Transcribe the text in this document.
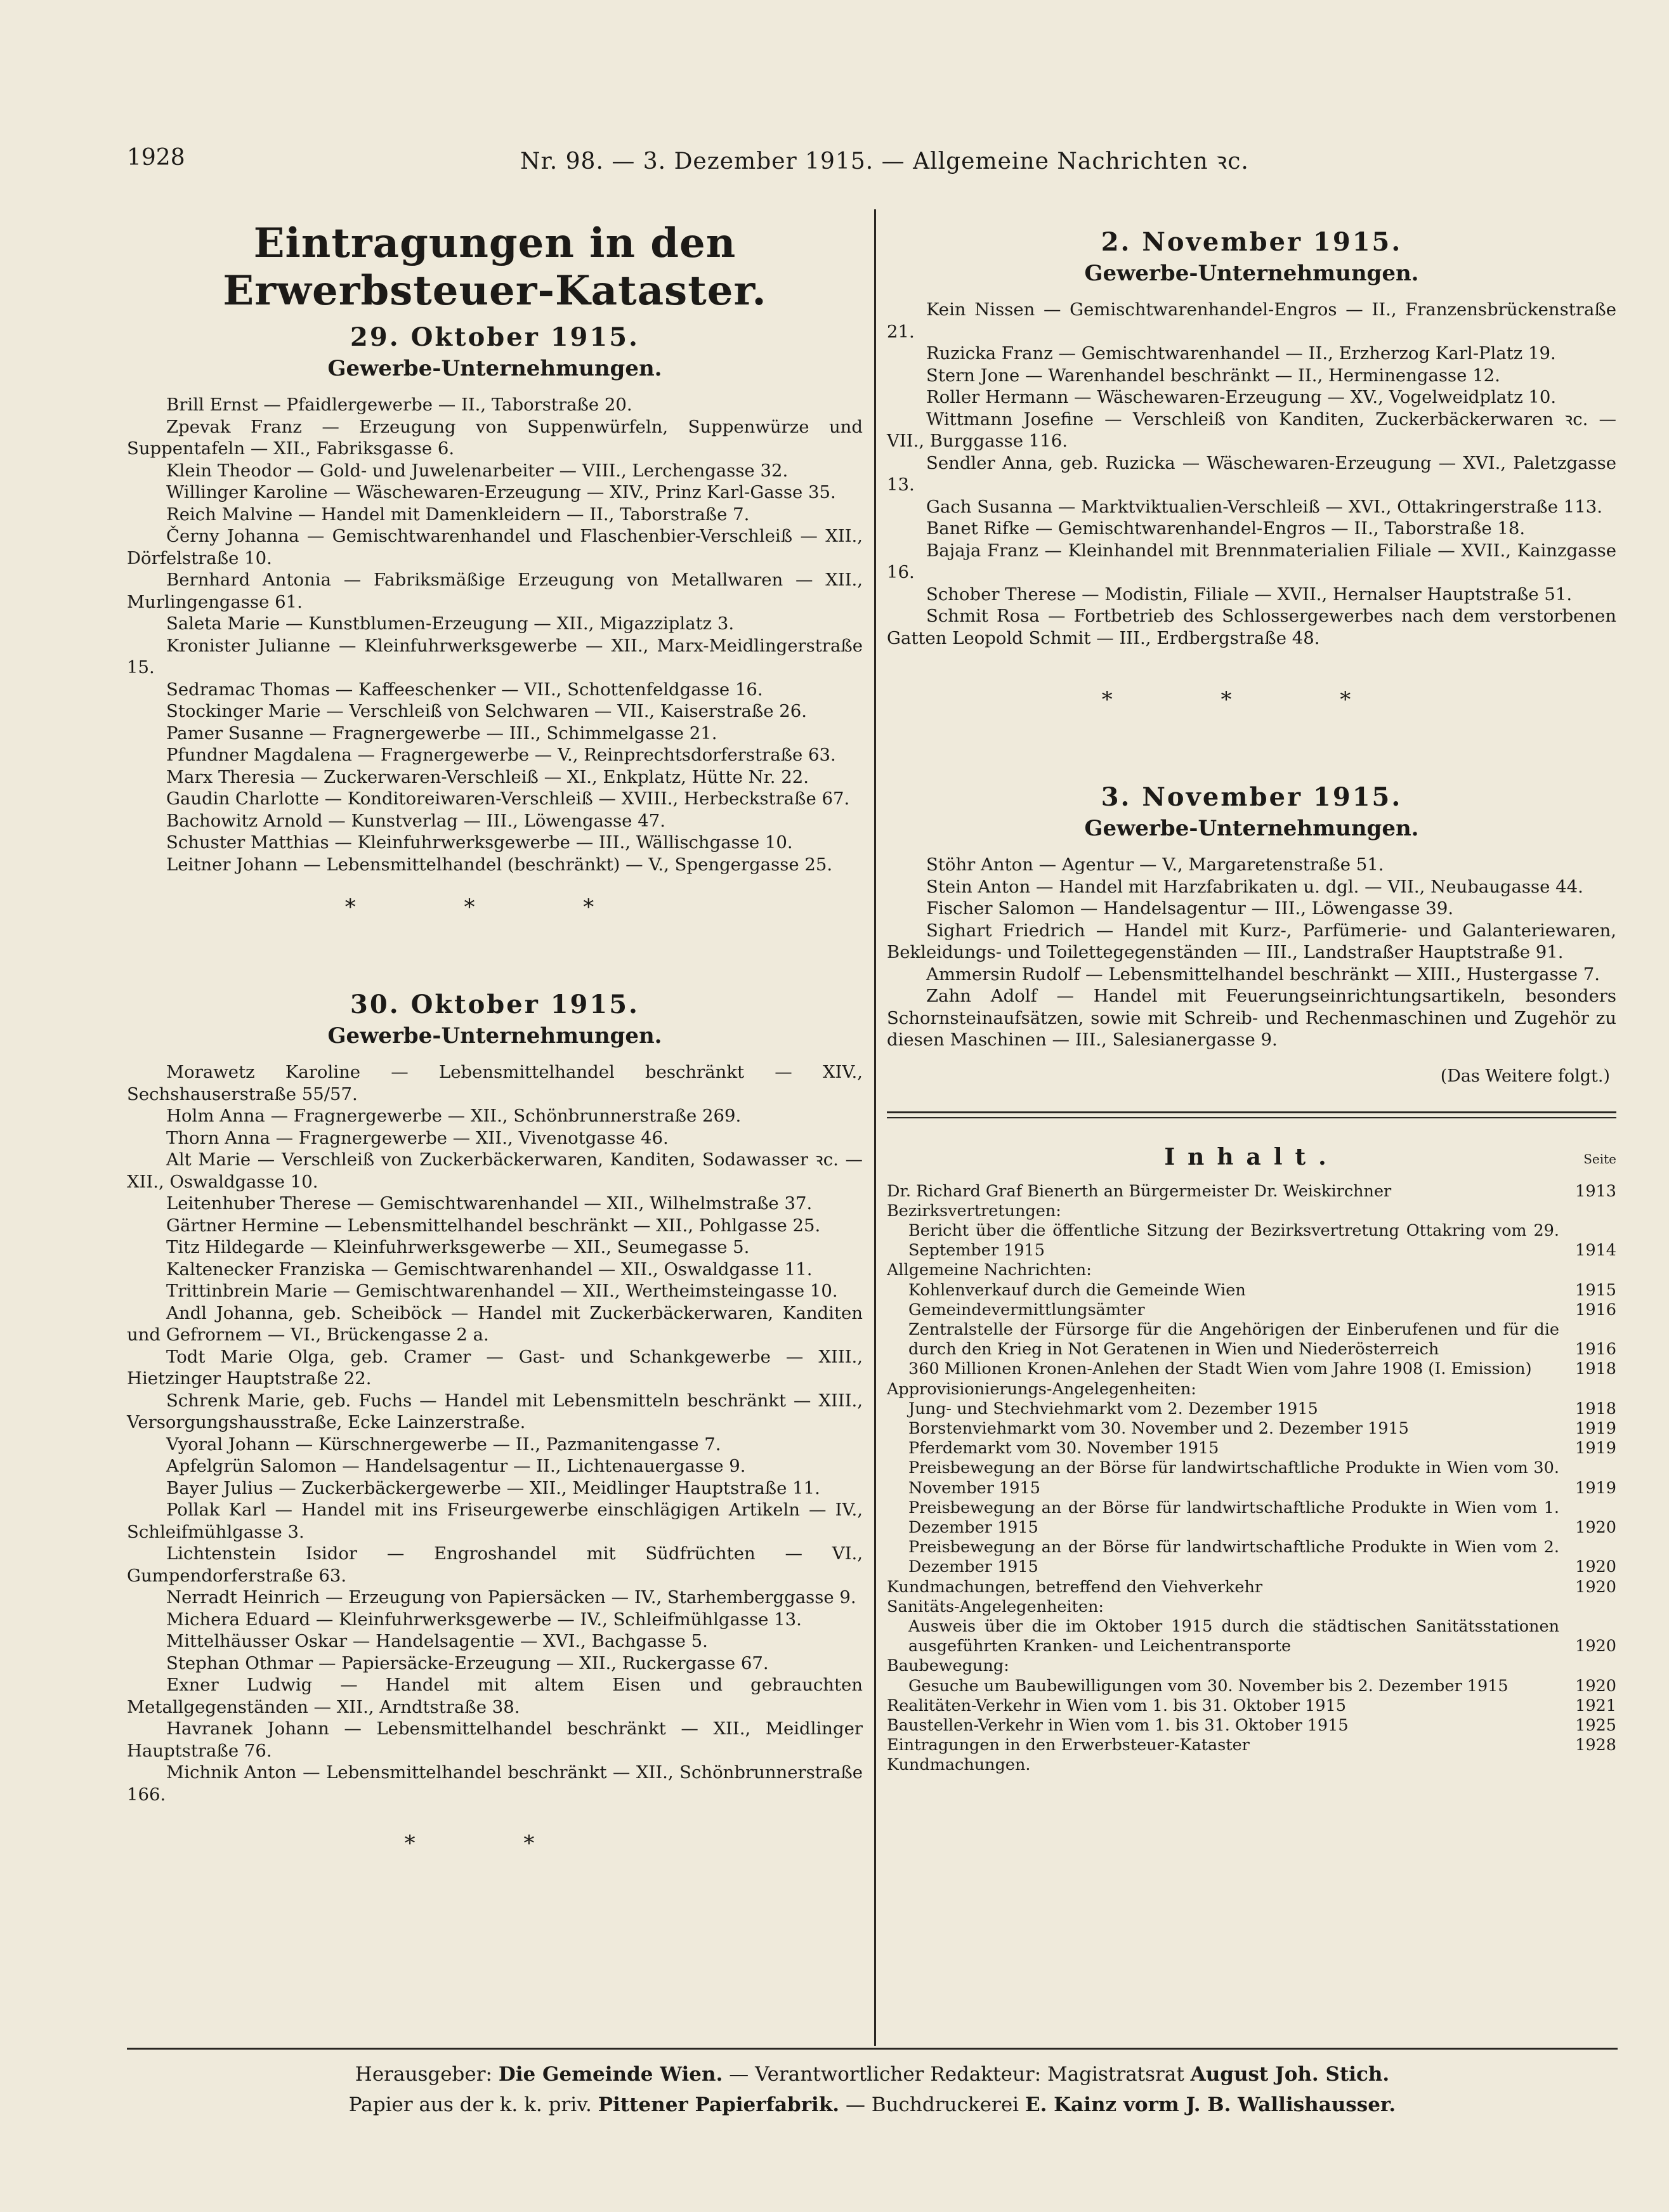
1928	Nr. 98. — 3. Dezember 1915. — Allgemeine Nachrichten ꝛc.
Eintragungen in den Erwerbsteuer-Kataster.
29. Oktober 1915.
Gewerbe-Unternehmungen.
Brill Ernst — Pfaidlergewerbe — II., Taborstraße 20.
Zpevak Franz — Erzeugung von Suppenwürfeln, Suppenwürze und Suppentafeln — XII., Fabriksgasse 6.
Klein Theodor — Gold- und Juwelenarbeiter — VIII., Lerchengasse 32.
Willinger Karoline — Wäschewaren-Erzeugung — XIV., Prinz Karl-Gasse 35.
Reich Malvine — Handel mit Damenkleidern — II., Taborstraße 7.
Černy Johanna — Gemischtwarenhandel und Flaschenbier-Verschleiß — XII., Dörfelstraße 10.
Bernhard Antonia — Fabriksmäßige Erzeugung von Metallwaren — XII., Murlingengasse 61.
Saleta Marie — Kunstblumen-Erzeugung — XII., Migazziplatz 3.
Kronister Julianne — Kleinfuhrwerksgewerbe — XII., Marx-Meidlingerstraße 15.
Sedramac Thomas — Kaffeeschenker — VII., Schottenfeldgasse 16.
Stockinger Marie — Verschleiß von Selchwaren — VII., Kaiserstraße 26.
Pamer Susanne — Fragnergewerbe — III., Schimmelgasse 21.
Pfundner Magdalena — Fragnergewerbe — V., Reinprechtsdorferstraße 63.
Marx Theresia — Zuckerwaren-Verschleiß — XI., Enkplatz, Hütte Nr. 22.
Gaudin Charlotte — Konditoreiwaren-Verschleiß — XVIII., Herbeckstraße 67.
Bachowitz Arnold — Kunstverlag — III., Löwengasse 47.
Schuster Matthias — Kleinfuhrwerksgewerbe — III., Wällischgasse 10.
Leitner Johann — Lebensmittelhandel (beschränkt) — V., Spengergasse 25.
* * *
30. Oktober 1915.
Gewerbe-Unternehmungen.
Morawetz Karoline — Lebensmittelhandel beschränkt — XIV., Sechshauserstraße 55/57.
Holm Anna — Fragnergewerbe — XII., Schönbrunnerstraße 269.
Thorn Anna — Fragnergewerbe — XII., Vivenotgasse 46.
Alt Marie — Verschleiß von Zuckerbäckerwaren, Kanditen, Sodawasser ꝛc. — XII., Oswaldgasse 10.
Leitenhuber Therese — Gemischtwarenhandel — XII., Wilhelmstraße 37.
Gärtner Hermine — Lebensmittelhandel beschränkt — XII., Pohlgasse 25.
Titz Hildegarde — Kleinfuhrwerksgewerbe — XII., Seumegasse 5.
Kaltenecker Franziska — Gemischtwarenhandel — XII., Oswaldgasse 11.
Trittinbrein Marie — Gemischtwarenhandel — XII., Wertheimsteingasse 10.
Andl Johanna, geb. Scheiböck — Handel mit Zuckerbäckerwaren, Kanditen und Gefrornem — VI., Brückengasse 2 a.
Todt Marie Olga, geb. Cramer — Gast- und Schankgewerbe — XIII., Hietzinger Hauptstraße 22.
Schrenk Marie, geb. Fuchs — Handel mit Lebensmitteln beschränkt — XIII., Versorgungshausstraße, Ecke Lainzerstraße.
Vyoral Johann — Kürschnergewerbe — II., Pazmanitengasse 7.
Apfelgrün Salomon — Handelsagentur — II., Lichtenauergasse 9.
Bayer Julius — Zuckerbäckergewerbe — XII., Meidlinger Hauptstraße 11.
Pollak Karl — Handel mit ins Friseurgewerbe einschlägigen Artikeln — IV., Schleifmühlgasse 3.
Lichtenstein Isidor — Engroshandel mit Südfrüchten — VI., Gumpendorferstraße 63.
Nerradt Heinrich — Erzeugung von Papiersäcken — IV., Starhemberggasse 9.
Michera Eduard — Kleinfuhrwerksgewerbe — IV., Schleifmühlgasse 13.
Mittelhäusser Oskar — Handelsagentie — XVI., Bachgasse 5.
Stephan Othmar — Papiersäcke-Erzeugung — XII., Ruckergasse 67.
Exner Ludwig — Handel mit altem Eisen und gebrauchten Metallgegenständen — XII., Arndtstraße 38.
Havranek Johann — Lebensmittelhandel beschränkt — XII., Meidlinger Hauptstraße 76.
Michnik Anton — Lebensmittelhandel beschränkt — XII., Schönbrunnerstraße 166.
* *
2. November 1915.
Gewerbe-Unternehmungen.
Kein Nissen — Gemischtwarenhandel-Engros — II., Franzensbrückenstraße 21.
Ruzicka Franz — Gemischtwarenhandel — II., Erzherzog Karl-Platz 19.
Stern Jone — Warenhandel beschränkt — II., Herminengasse 12.
Roller Hermann — Wäschewaren-Erzeugung — XV., Vogelweidplatz 10.
Wittmann Josefine — Verschleiß von Kanditen, Zuckerbäckerwaren ꝛc. — VII., Burggasse 116.
Sendler Anna, geb. Ruzicka — Wäschewaren-Erzeugung — XVI., Paletzgasse 13.
Gach Susanna — Marktviktualien-Verschleiß — XVI., Ottakringerstraße 113.
Banet Rifke — Gemischtwarenhandel-Engros — II., Taborstraße 18.
Bajaja Franz — Kleinhandel mit Brennmaterialien Filiale — XVII., Kainzgasse 16.
Schober Therese — Modistin, Filiale — XVII., Hernalser Hauptstraße 51.
Schmit Rosa — Fortbetrieb des Schlossergewerbes nach dem verstorbenen Gatten Leopold Schmit — III., Erdbergstraße 48.
* * *
3. November 1915.
Gewerbe-Unternehmungen.
Stöhr Anton — Agentur — V., Margaretenstraße 51.
Stein Anton — Handel mit Harzfabrikaten u. dgl. — VII., Neubaugasse 44.
Fischer Salomon — Handelsagentur — III., Löwengasse 39.
Sighart Friedrich — Handel mit Kurz-, Parfümerie- und Galanteriewaren, Bekleidungs- und Toilettegegenständen — III., Landstraßer Hauptstraße 91.
Ammersin Rudolf — Lebensmittelhandel beschränkt — XIII., Hustergasse 7.
Zahn Adolf — Handel mit Feuerungseinrichtungsartikeln, besonders Schornsteinaufsätzen, sowie mit Schreib- und Rechenmaschinen und Zugehör zu diesen Maschinen — III., Salesianergasse 9.
(Das Weitere folgt.)
Inhalt.	Seite
Dr. Richard Graf Bienerth an Bürgermeister Dr. Weiskirchner	1913
Bezirksvertretungen:
Bericht über die öffentliche Sitzung der Bezirksvertretung Ottakring vom 29. September 1915	1914
Allgemeine Nachrichten:
Kohlenverkauf durch die Gemeinde Wien	1915
Gemeindevermittlungsämter	1916
Zentralstelle der Fürsorge für die Angehörigen der Einberufenen und für die durch den Krieg in Not Geratenen in Wien und Niederösterreich	1916
360 Millionen Kronen-Anlehen der Stadt Wien vom Jahre 1908 (I. Emission)	1918
Approvisionierungs-Angelegenheiten:
Jung- und Stechviehmarkt vom 2. Dezember 1915	1918
Borstenviehmarkt vom 30. November und 2. Dezember 1915	1919
Pferdemarkt vom 30. November 1915	1919
Preisbewegung an der Börse für landwirtschaftliche Produkte in Wien vom 30. November 1915	1919
Preisbewegung an der Börse für landwirtschaftliche Produkte in Wien vom 1. Dezember 1915	1920
Preisbewegung an der Börse für landwirtschaftliche Produkte in Wien vom 2. Dezember 1915	1920
Kundmachungen, betreffend den Viehverkehr	1920
Sanitäts-Angelegenheiten:
Ausweis über die im Oktober 1915 durch die städtischen Sanitätsstationen ausgeführten Kranken- und Leichentransporte	1920
Baubewegung:
Gesuche um Baubewilligungen vom 30. November bis 2. Dezember 1915	1920
Realitäten-Verkehr in Wien vom 1. bis 31. Oktober 1915	1921
Baustellen-Verkehr in Wien vom 1. bis 31. Oktober 1915	1925
Eintragungen in den Erwerbsteuer-Kataster	1928
Kundmachungen.
Herausgeber: Die Gemeinde Wien. — Verantwortlicher Redakteur: Magistratsrat August Joh. Stich.
Papier aus der k. k. priv. Pittener Papierfabrik. — Buchdruckerei E. Kainz vorm J. B. Wallishausser.
